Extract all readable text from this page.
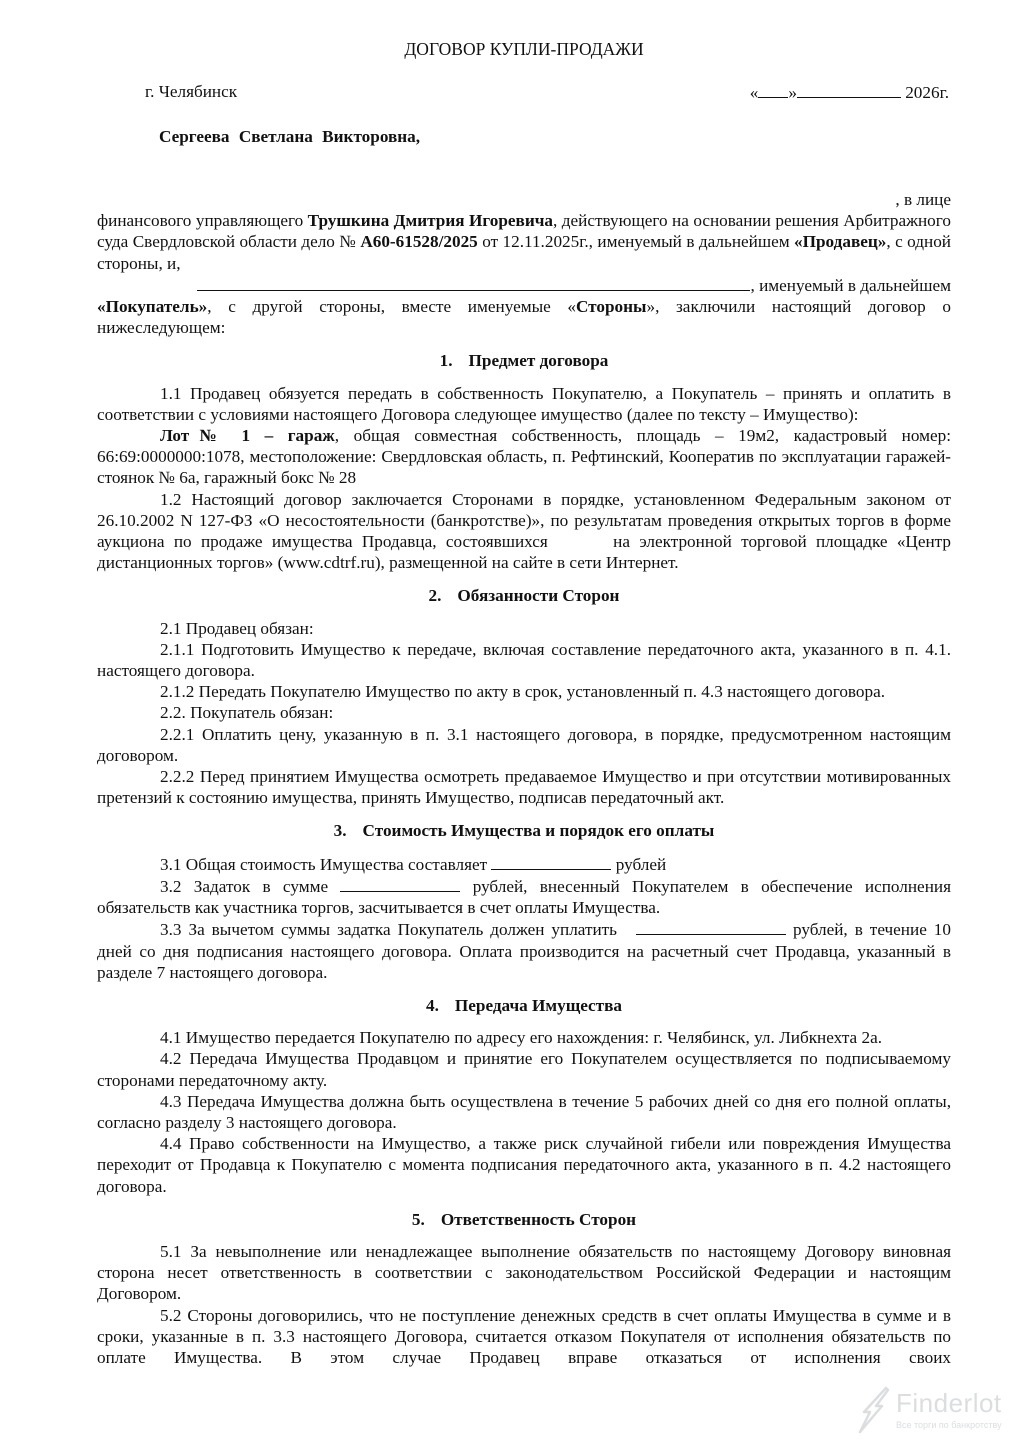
ДОГОВОР КУПЛИ-ПРОДАЖИ
г. Челябинск	« »	2026г.
Сергеева Светлана Викторовна,

, в лице

финансового управляющего Трушкина Дмитрия Игоревича, действующего на основании решения Арбитражного суда Свердловской области дело № А60-61528/2025 от 12.11.2025г., именуемый в дальнейшем «Продавец», с одной стороны, и,

, именуемый в дальнейшем

«Покупатель», с другой стороны, вместе именуемые «Стороны», заключили настоящий договор о нижеследующем:

1. Предмет договора

1.1 Продавец обязуется передать в собственность Покупателю, а Покупатель – принять и оплатить в соответствии с условиями настоящего Договора следующее имущество (далее по тексту – Имущество):

Лот№ 1 – гараж, общая совместная собственность, площадь – 19м2, кадастровый номер: 66:69:0000000:1078, местоположение: Свердловская область, п. Рефтинский, Кооператив по эксплуатации гаражей-стоянок № 6а, гаражный бокс № 28

1.2 Настоящий договор заключается Сторонами в порядке, установленном Федеральным законом от 26.10.2002 N 127-ФЗ «О несостоятельности (банкротстве)», по результатам проведения открытых торгов в форме аукциона по продаже имущества Продавца, состоявшихся       на электронной торговой площадке «Центр дистанционных торгов» (www.cdtrf.ru), размещенной на сайте в сети Интернет.

2. Обязанности Сторон

2.1 Продавец обязан:

2.1.1 Подготовить Имущество к передаче, включая составление передаточного акта, указанного в п. 4.1. настоящего договора.

2.1.2 Передать Покупателю Имущество по акту в срок, установленный п. 4.3 настоящего договора.

2.2. Покупатель обязан:

2.2.1 Оплатить цену, указанную в п. 3.1 настоящего договора, в порядке, предусмотренном настоящим договором.

2.2.2 Перед принятием Имущества осмотреть предаваемое Имущество и при отсутствии мотивированных претензий к состоянию имущества, принять Имущество, подписав передаточный акт.

3. Стоимость Имущества и порядок его оплаты

3.1 Общая стоимость Имущества составляет	рублей

3.2 Задаток в сумме	рублей, внесенный Покупателем в обеспечение исполнения обязательств как участника торгов, засчитывается в счет оплаты Имущества.

3.3 За вычетом суммы задатка Покупатель должен уплатить	рублей, в течение 10 дней со дня подписания настоящего договора. Оплата производится на расчетный счет Продавца, указанный в разделе 7 настоящего договора.

4. Передача Имущества

4.1 Имущество передается Покупателю по адресу его нахождения: г. Челябинск, ул. Либкнехта 2а.

4.2 Передача Имущества Продавцом и принятие его Покупателем осуществляется по подписываемому сторонами передаточному акту.

4.3 Передача Имущества должна быть осуществлена в течение 5 рабочих дней со дня его полной оплаты, согласно разделу 3 настоящего договора.

4.4 Право собственности на Имущество, а также риск случайной гибели или повреждения Имущества переходит от Продавца к Покупателю с момента подписания передаточного акта, указанного в п. 4.2 настоящего договора.

5. Ответственность Сторон

5.1 За невыполнение или ненадлежащее выполнение обязательств по настоящему Договору виновная сторона несет ответственность в соответствии с законодательством Российской Федерации и настоящим Договором.

5.2 Стороны договорились, что не поступление денежных средств в счет оплаты Имущества в сумме и в сроки, указанные в п. 3.3 настоящего Договора, считается отказом Покупателя от исполнения обязательств по оплате Имущества. В этом случае Продавец вправе отказаться от исполнения своих

Finderlot
Все торги по банкротству
